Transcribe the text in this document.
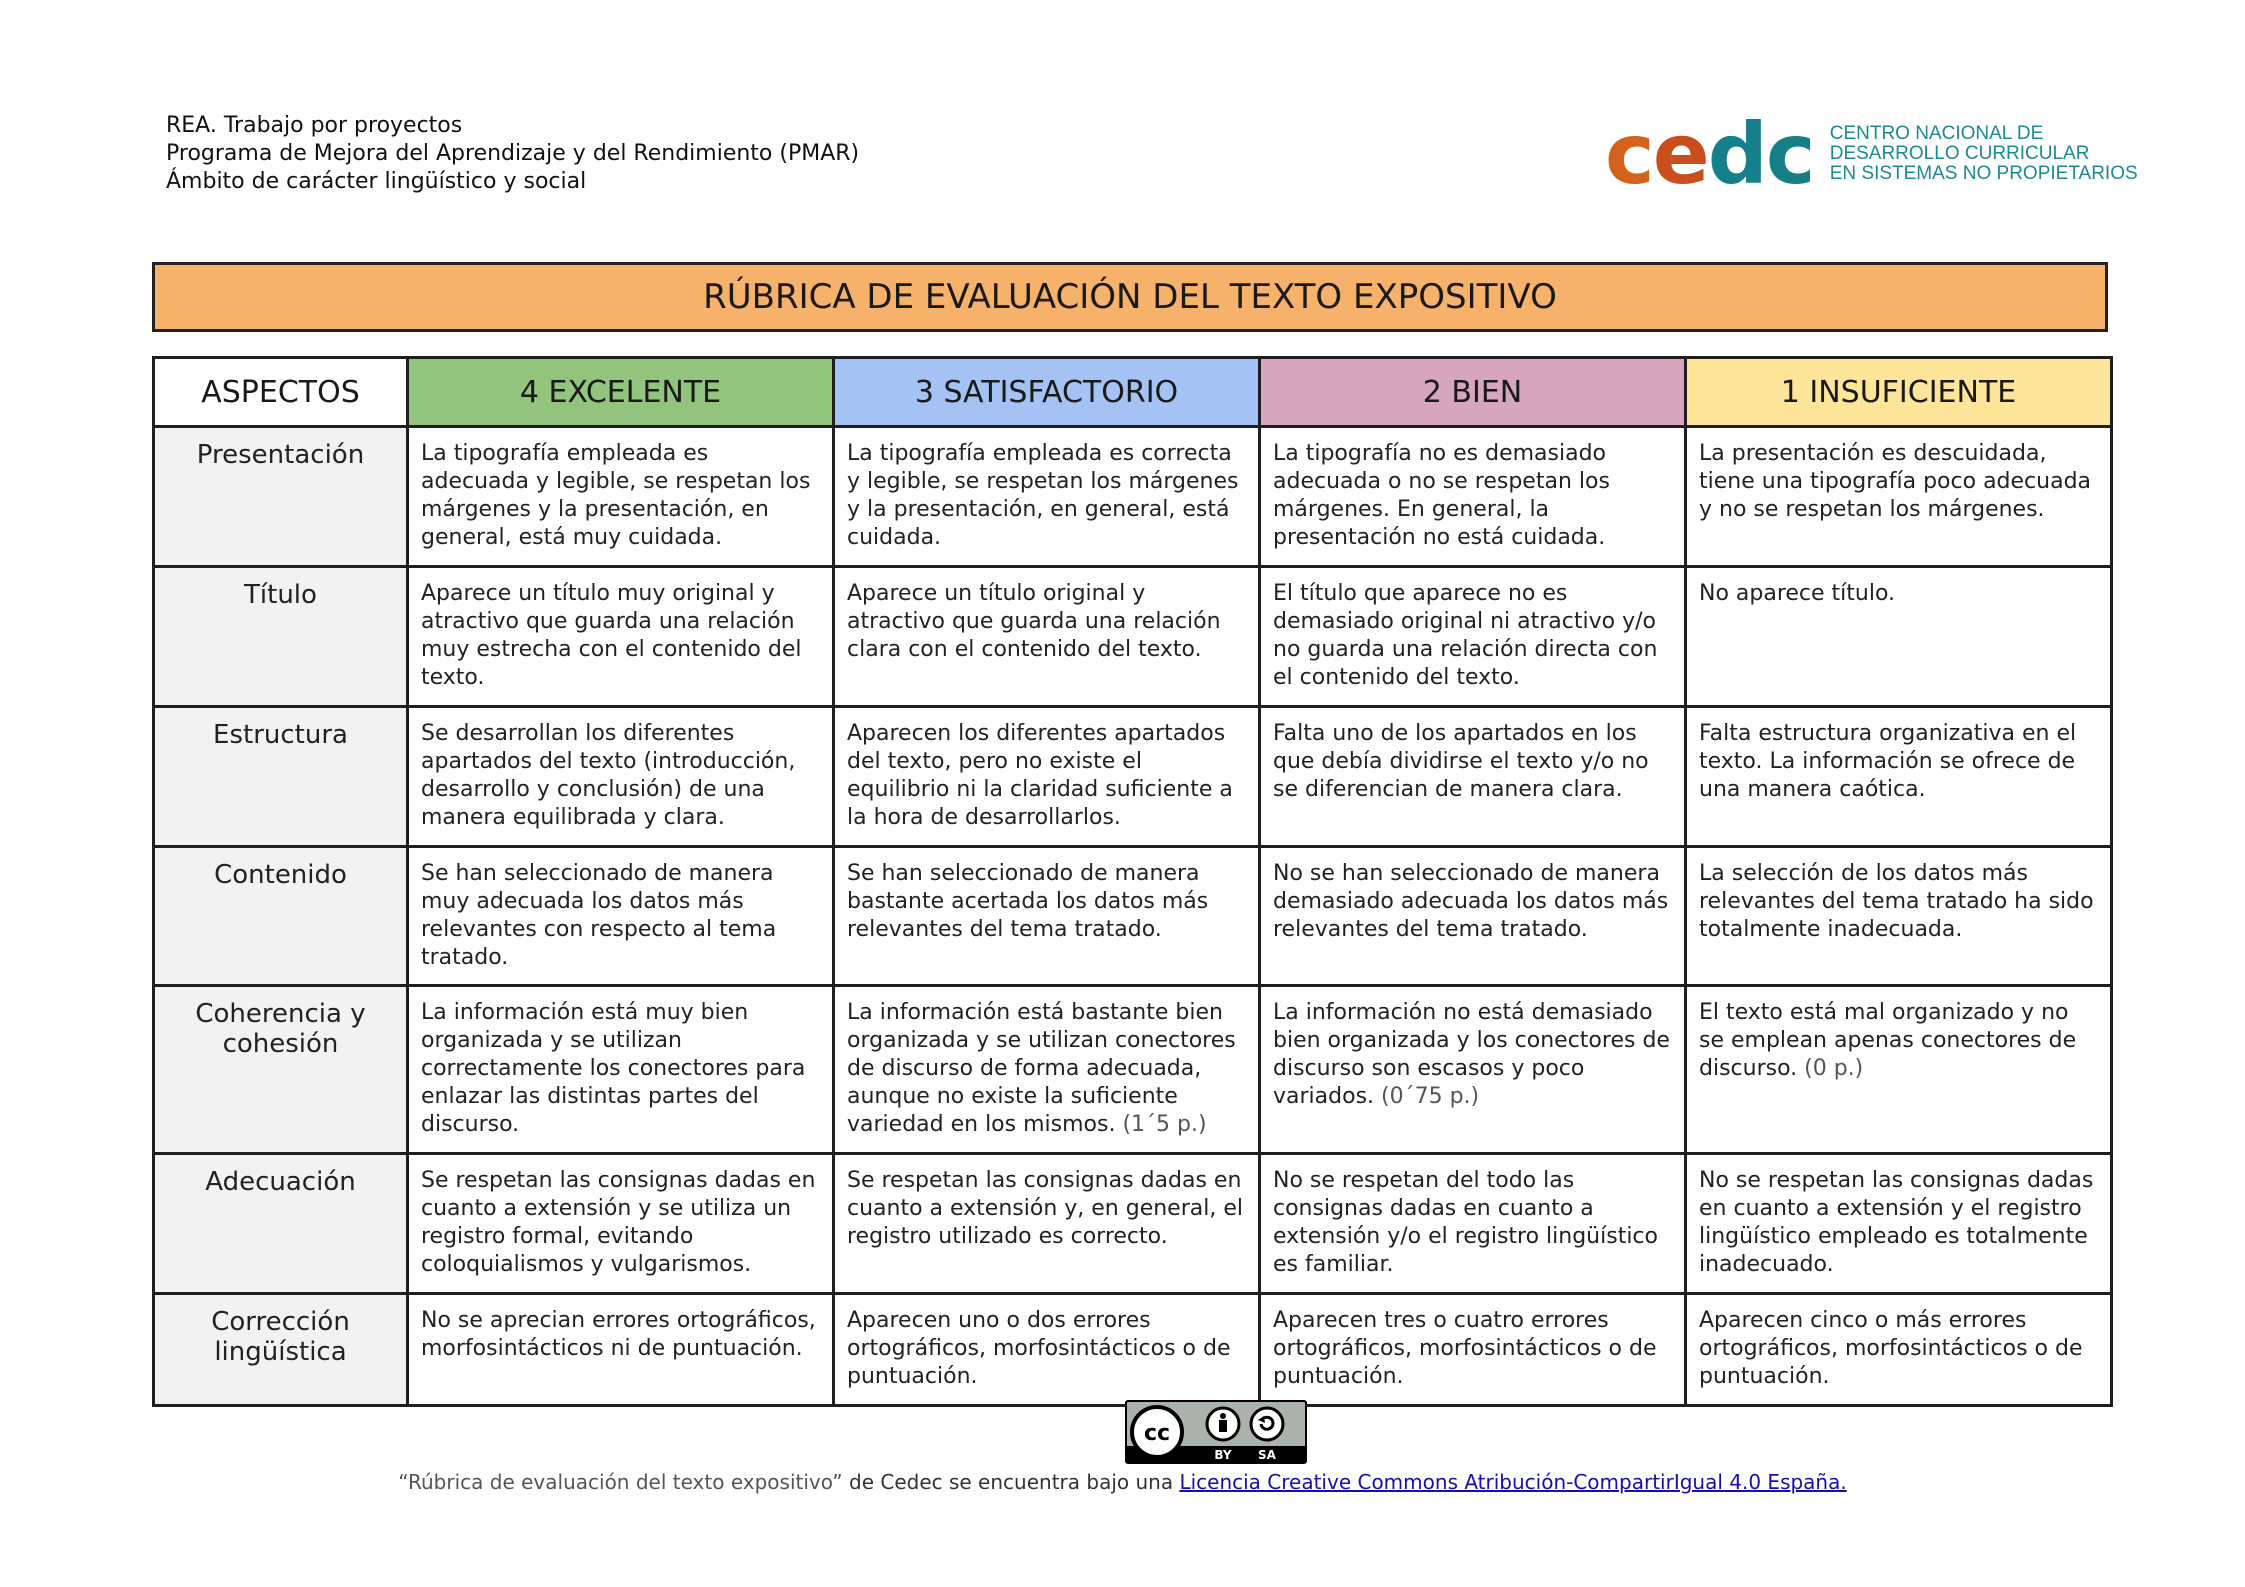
REA. Trabajo por proyectos
Programa de Mejora del Aprendizaje y del Rendimiento (PMAR)
Ámbito de carácter lingüístico y social	cedc CENTRO NACIONAL DE
DESARROLLO CURRICULAR
EN SISTEMAS NO PROPIETARIOS
RÚBRICA DE EVALUACIÓN DEL TEXTO EXPOSITIVO
ASPECTOS	4 EXCELENTE	3 SATISFACTORIO	2 BIEN	1 INSUFICIENTE
Presentación	La tipografía empleada es adecuada y legible, se respetan los márgenes y la presentación, en general, está muy cuidada.	La tipografía empleada es correcta y legible, se respetan los márgenes y la presentación, en general, está cuidada.	La tipografía no es demasiado adecuada o no se respetan los márgenes. En general, la presentación no está cuidada.	La presentación es descuidada, tiene una tipografía poco adecuada y no se respetan los márgenes.
Título	Aparece un título muy original y atractivo que guarda una relación muy estrecha con el contenido del texto.	Aparece un título original y atractivo que guarda una relación clara con el contenido del texto.	El título que aparece no es demasiado original ni atractivo y/o no guarda una relación directa con el contenido del texto.	No aparece título.
Estructura	Se desarrollan los diferentes apartados del texto (introducción, desarrollo y conclusión) de una manera equilibrada y clara.	Aparecen los diferentes apartados del texto, pero no existe el equilibrio ni la claridad suficiente a la hora de desarrollarlos.	Falta uno de los apartados en los que debía dividirse el texto y/o no se diferencian de manera clara.	Falta estructura organizativa en el texto. La información se ofrece de una manera caótica.
Contenido	Se han seleccionado de manera muy adecuada los datos más relevantes con respecto al tema tratado.	Se han seleccionado de manera bastante acertada los datos más relevantes del tema tratado.	No se han seleccionado de manera demasiado adecuada los datos más relevantes del tema tratado.	La selección de los datos más relevantes del tema tratado ha sido totalmente inadecuada.
Coherencia y cohesión	La información está muy bien organizada y se utilizan correctamente los conectores para enlazar las distintas partes del discurso.	La información está bastante bien organizada y se utilizan conectores de discurso de forma adecuada, aunque no existe la suficiente variedad en los mismos. (1´5 p.)	La información no está demasiado bien organizada y los conectores de discurso son escasos y poco variados. (0´75 p.)	El texto está mal organizado y no se emplean apenas conectores de discurso. (0 p.)
Adecuación	Se respetan las consignas dadas en cuanto a extensión y se utiliza un registro formal, evitando coloquialismos y vulgarismos.	Se respetan las consignas dadas en cuanto a extensión y, en general, el registro utilizado es correcto.	No se respetan del todo las consignas dadas en cuanto a extensión y/o el registro lingüístico es familiar.	No se respetan las consignas dadas en cuanto a extensión y el registro lingüístico empleado es totalmente inadecuado.
Corrección lingüística	No se aprecian errores ortográficos, morfosintácticos ni de puntuación.	Aparecen uno o dos errores ortográficos, morfosintácticos o de puntuación.	Aparecen tres o cuatro errores ortográficos, morfosintácticos o de puntuación.	Aparecen cinco o más errores ortográficos, morfosintácticos o de puntuación.
cc
BY SA
“Rúbrica de evaluación del texto expositivo” de Cedec se encuentra bajo una Licencia Creative Commons Atribución-CompartirIgual 4.0 España.
